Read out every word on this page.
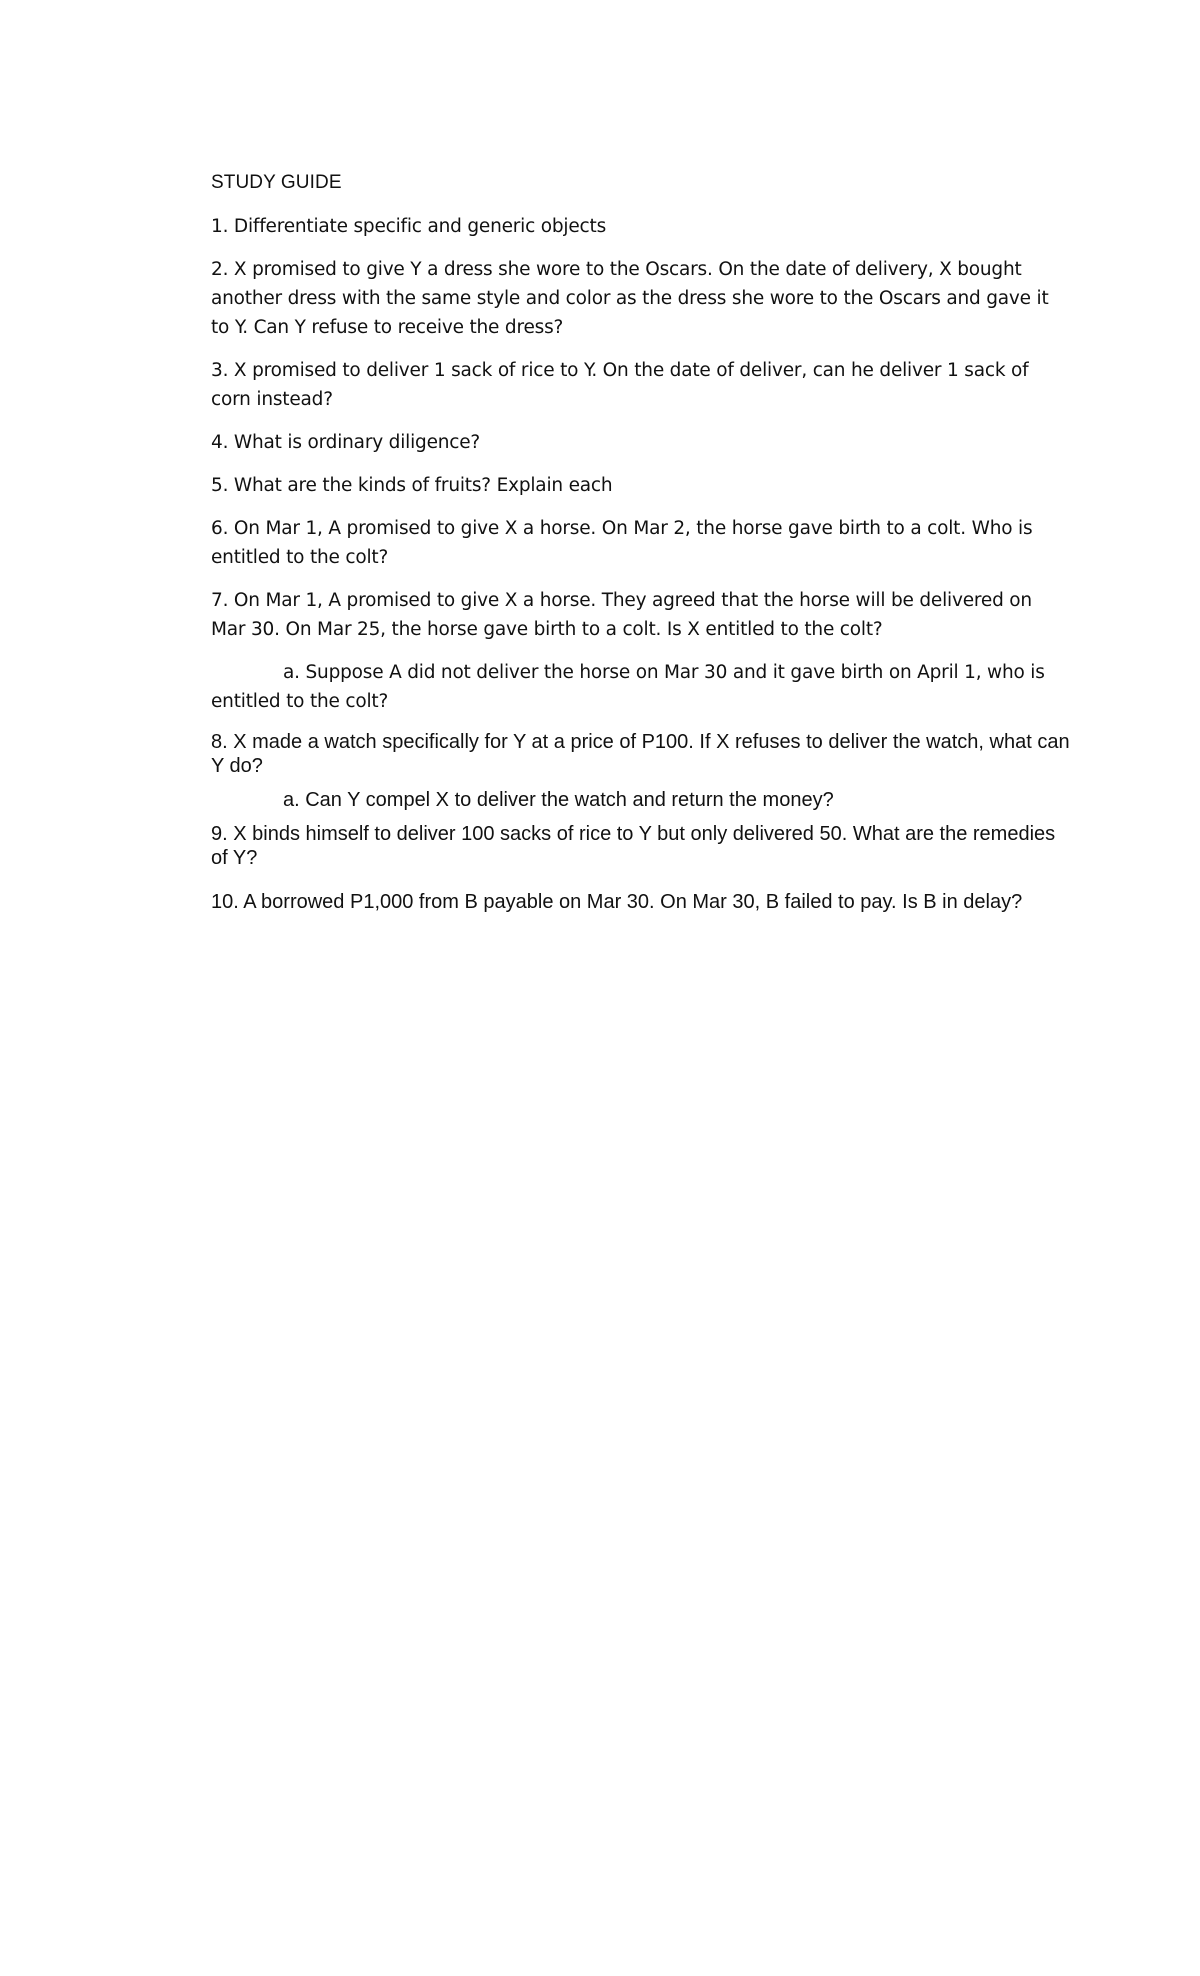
STUDY GUIDE

1. Differentiate specific and generic objects

2. X promised to give Y a dress she wore to the Oscars. On the date of delivery, X bought another dress with the same style and color as the dress she wore to the Oscars and gave it to Y. Can Y refuse to receive the dress?

3. X promised to deliver 1 sack of rice to Y. On the date of deliver, can he deliver 1 sack of corn instead?

4. What is ordinary diligence?

5. What are the kinds of fruits? Explain each

6. On Mar 1, A promised to give X a horse. On Mar 2, the horse gave birth to a colt. Who is entitled to the colt?

7. On Mar 1, A promised to give X a horse. They agreed that the horse will be delivered on Mar 30. On Mar 25, the horse gave birth to a colt. Is X entitled to the colt?

a. Suppose A did not deliver the horse on Mar 30 and it gave birth on April 1, who is entitled to the colt?

8. X made a watch specifically for Y at a price of P100. If X refuses to deliver the watch, what can Y do?

a. Can Y compel X to deliver the watch and return the money?

9. X binds himself to deliver 100 sacks of rice to Y but only delivered 50. What are the remedies of Y?

10. A borrowed P1,000 from B payable on Mar 30. On Mar 30, B failed to pay. Is B in delay?
